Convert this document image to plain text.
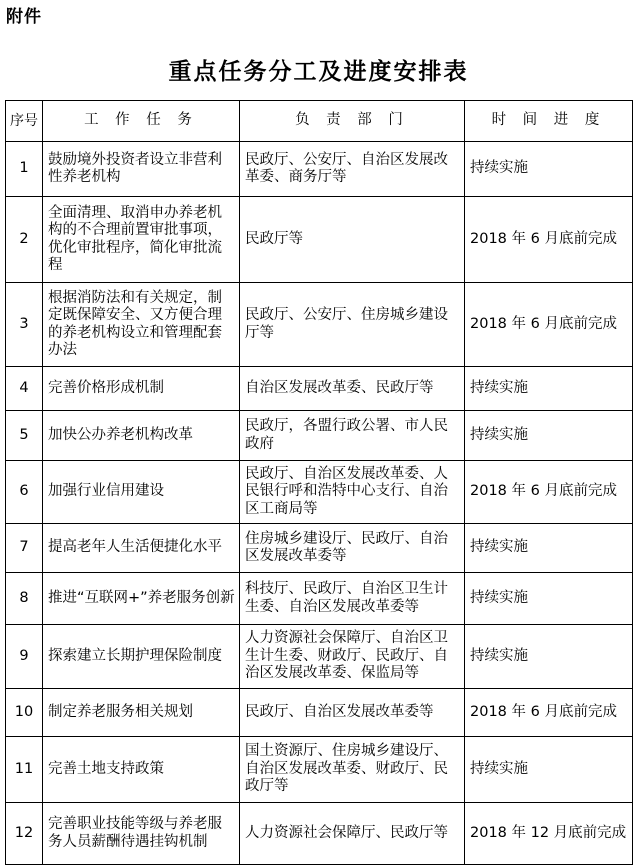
附件
重点任务分工及进度安排表
序号	工 作 任 务	负 责 部 门	时 间 进 度
1	鼓励境外投资者设立非营利性养老机构	民政厅、公安厅、自治区发展改革委、商务厅等	持续实施
2	全面清理、取消申办养老机构的不合理前置审批事项，优化审批程序，简化审批流程	民政厅等	2018 年 6 月底前完成
3	根据消防法和有关规定，制定既保障安全、又方便合理的养老机构设立和管理配套办法	民政厅、公安厅、住房城乡建设厅等	2018 年 6 月底前完成
4	完善价格形成机制	自治区发展改革委、民政厅等	持续实施
5	加快公办养老机构改革	民政厅，各盟行政公署、市人民政府	持续实施
6	加强行业信用建设	民政厅、自治区发展改革委、人民银行呼和浩特中心支行、自治区工商局等	2018 年 6 月底前完成
7	提高老年人生活便捷化水平	住房城乡建设厅、民政厅、自治区发展改革委等	持续实施
8	推进“互联网+”养老服务创新	科技厅、民政厅、自治区卫生计生委、自治区发展改革委等	持续实施
9	探索建立长期护理保险制度	人力资源社会保障厅、自治区卫生计生委、财政厅、民政厅、自治区发展改革委、保监局等	持续实施
10	制定养老服务相关规划	民政厅、自治区发展改革委等	2018 年 6 月底前完成
11	完善土地支持政策	国土资源厅、住房城乡建设厅、自治区发展改革委、财政厅、民政厅等	持续实施
12	完善职业技能等级与养老服务人员薪酬待遇挂钩机制	人力资源社会保障厅、民政厅等	2018 年 12 月底前完成
